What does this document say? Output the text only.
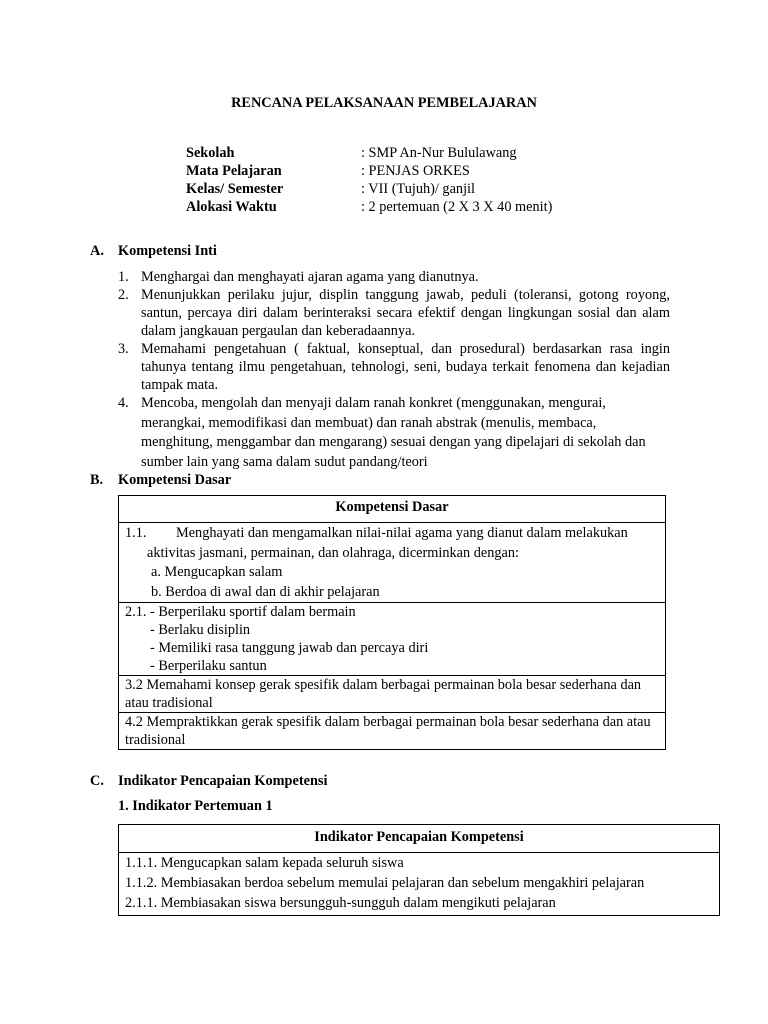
RENCANA PELAKSANAAN PEMBELAJARAN
Sekolah	: SMP An-Nur Bululawang
Mata Pelajaran	: PENJAS ORKES
Kelas/ Semester	: VII (Tujuh)/ ganjil
Alokasi Waktu	: 2 pertemuan (2 X 3 X 40 menit)
A. Kompetensi Inti
1. Menghargai dan menghayati ajaran agama yang dianutnya.
2. Menunjukkan perilaku jujur, displin tanggung jawab, peduli (toleransi, gotong royong, santun, percaya diri dalam berinteraksi secara efektif dengan lingkungan sosial dan alam dalam jangkauan pergaulan dan keberadaannya.
3. Memahami pengetahuan ( faktual, konseptual, dan prosedural) berdasarkan rasa ingin tahunya tentang ilmu pengetahuan, tehnologi, seni, budaya terkait fenomena dan kejadian tampak mata.
4. Mencoba, mengolah dan menyaji dalam ranah konkret (menggunakan, mengurai, merangkai, memodifikasi dan membuat) dan ranah abstrak (menulis, membaca, menghitung, menggambar dan mengarang) sesuai dengan yang dipelajari di sekolah dan sumber lain yang sama dalam sudut pandang/teori
B. Kompetensi Dasar
Kompetensi Dasar

1.1. Menghayati dan mengamalkan nilai-nilai agama yang dianut dalam melakukan
aktivitas jasmani, permainan, dan olahraga, dicerminkan dengan:
a. Mengucapkan salam
b. Berdoa di awal dan di akhir pelajaran

2.1. - Berperilaku sportif dalam bermain
- Berlaku disiplin
- Memiliki rasa tanggung jawab dan percaya diri
- Berperilaku santun

3.2 Memahami konsep gerak spesifik dalam berbagai permainan bola besar sederhana dan atau tradisional
4.2 Mempraktikkan gerak spesifik dalam berbagai permainan bola besar sederhana dan atau tradisional
C. Indikator Pencapaian Kompetensi
1. Indikator Pertemuan 1
Indikator Pencapaian Kompetensi

1.1.1. Mengucapkan salam kepada seluruh siswa
1.1.2. Membiasakan berdoa sebelum memulai pelajaran dan sebelum mengakhiri pelajaran
2.1.1. Membiasakan siswa bersungguh-sungguh dalam mengikuti pelajaran
